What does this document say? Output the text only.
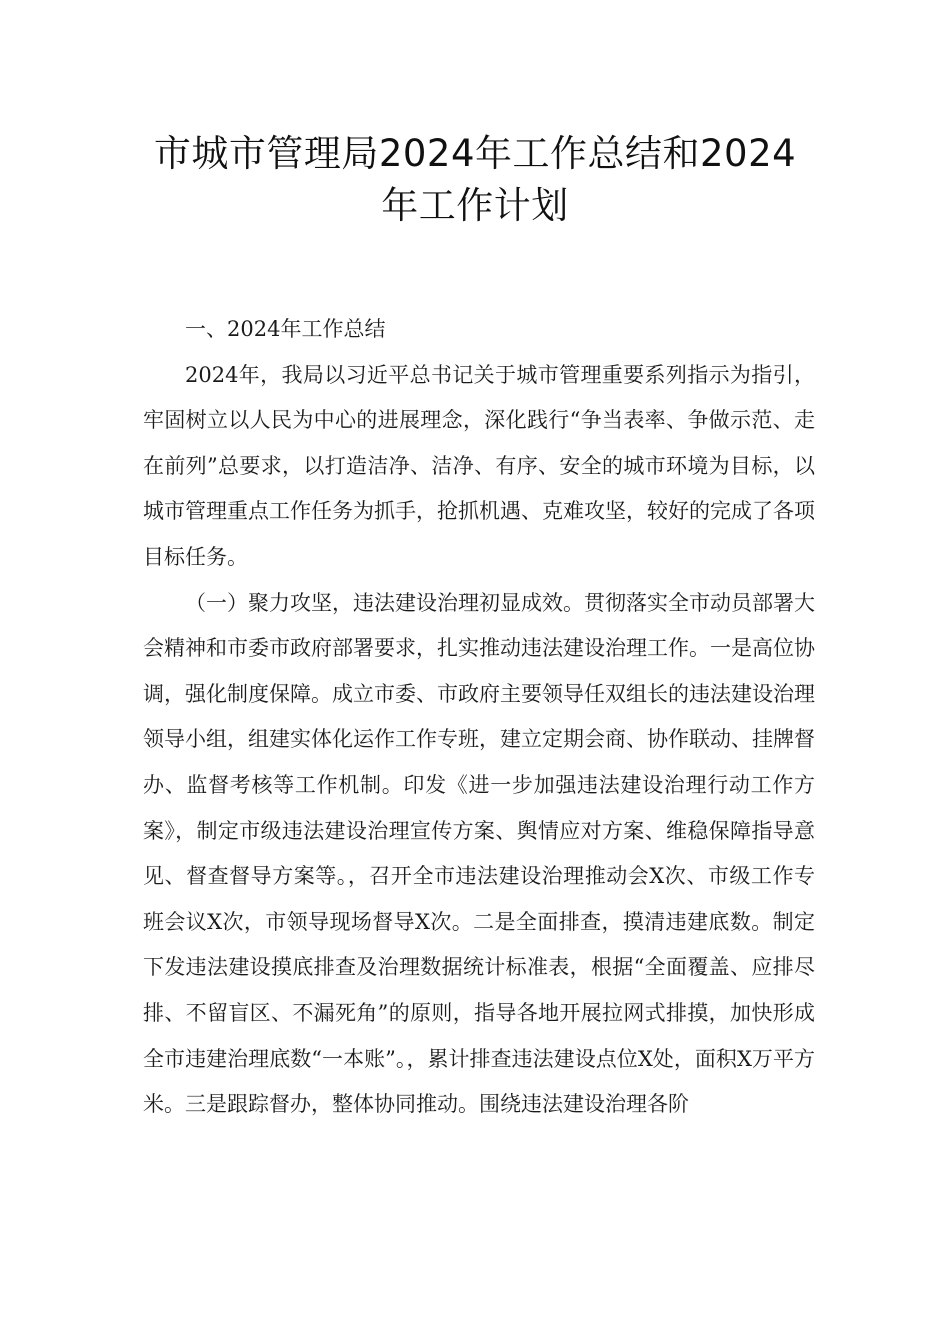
市城市管理局2024年工作总结和2024
年工作计划

一、2024年工作总结

2024年，我局以习近平总书记关于城市管理重要系列指示为指引，牢固树立以人民为中心的进展理念，深化践行“争当表率、争做示范、走在前列”总要求，以打造洁净、洁净、有序、安全的城市环境为目标，以城市管理重点工作任务为抓手，抢抓机遇、克难攻坚，较好的完成了各项目标任务。

（一）聚力攻坚，违法建设治理初显成效。贯彻落实全市动员部署大会精神和市委市政府部署要求，扎实推动违法建设治理工作。一是高位协调，强化制度保障。成立市委、市政府主要领导任双组长的违法建设治理领导小组，组建实体化运作工作专班，建立定期会商、协作联动、挂牌督办、监督考核等工作机制。印发《进一步加强违法建设治理行动工作方案》，制定市级违法建设治理宣传方案、舆情应对方案、维稳保障指导意见、督查督导方案等。，召开全市违法建设治理推动会X次、市级工作专班会议X次，市领导现场督导X次。二是全面排查，摸清违建底数。制定下发违法建设摸底排查及治理数据统计标准表，根据“全面覆盖、应排尽排、不留盲区、不漏死角”的原则，指导各地开展拉网式排摸，加快形成全市违建治理底数“一本账”。，累计排查违法建设点位X处，面积X万平方米。三是跟踪督办，整体协同推动。围绕违法建设治理各阶
